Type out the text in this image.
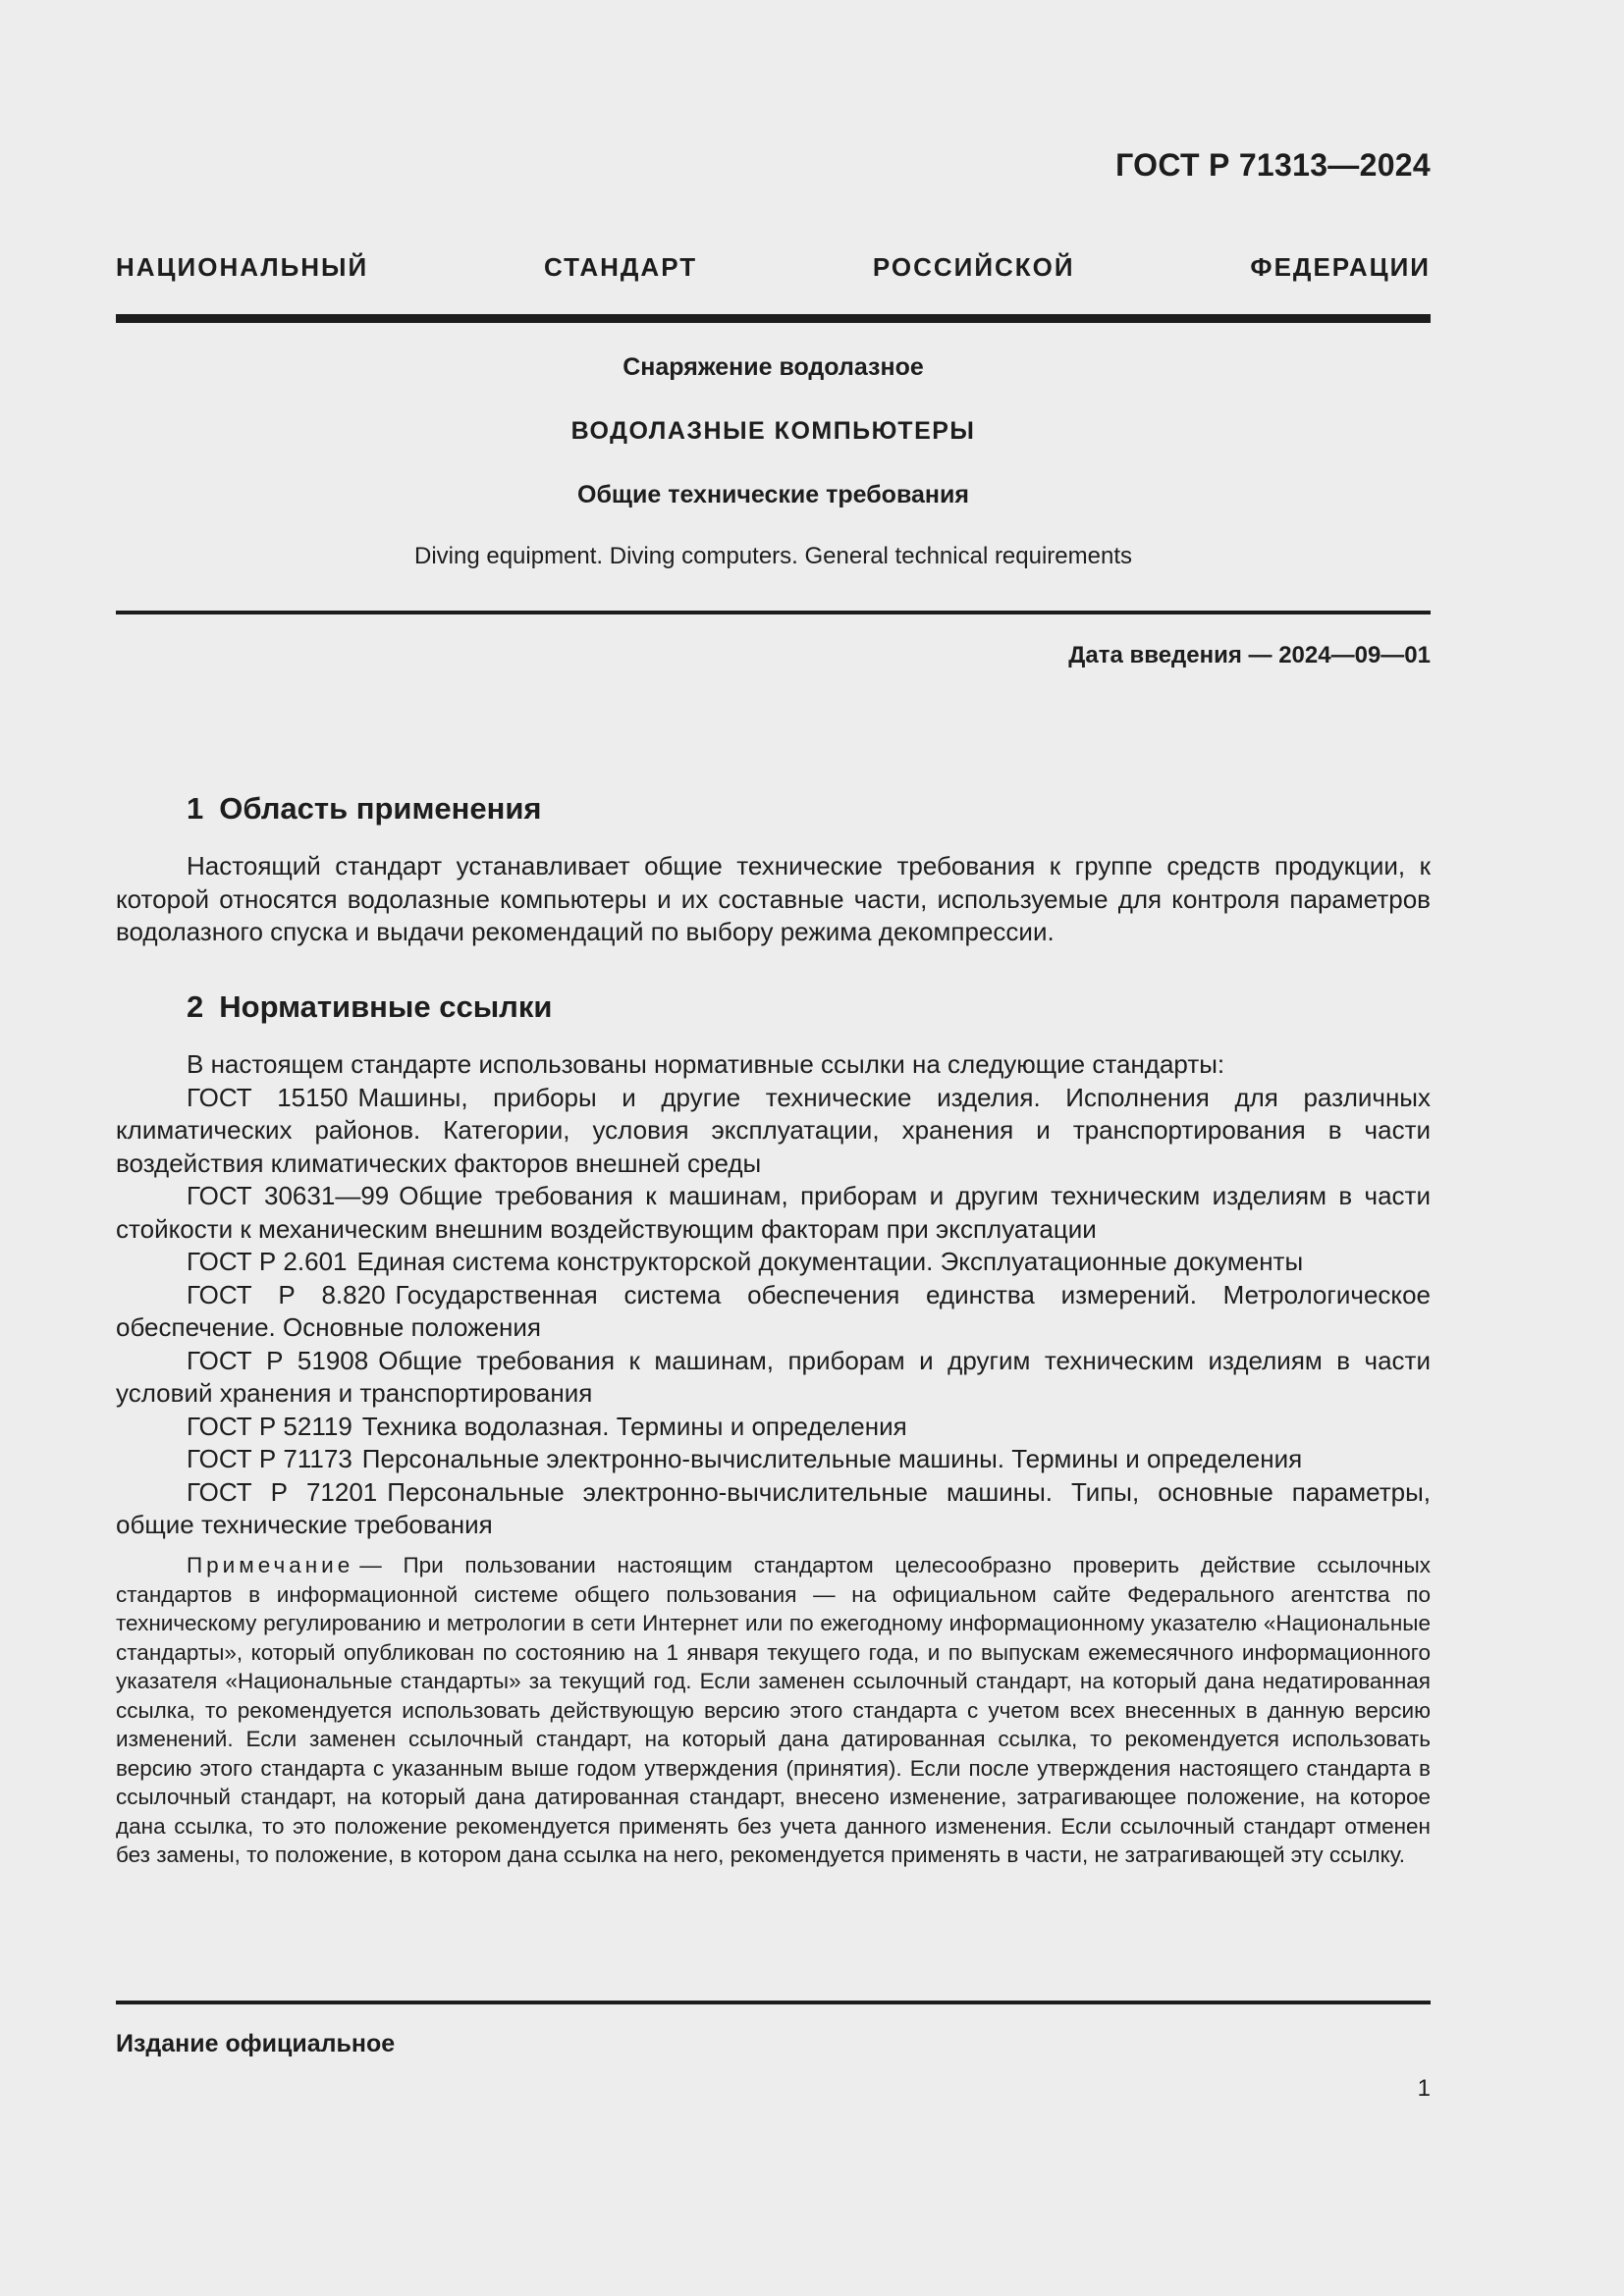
ГОСТ Р 71313—2024
НАЦИОНАЛЬНЫЙ СТАНДАРТ РОССИЙСКОЙ ФЕДЕРАЦИИ
Снаряжение водолазное
ВОДОЛАЗНЫЕ КОМПЬЮТЕРЫ
Общие технические требования
Diving equipment. Diving computers. General technical requirements
Дата введения — 2024—09—01
1 Область применения

Настоящий стандарт устанавливает общие технические требования к группе средств продукции, к которой относятся водолазные компьютеры и их составные части, используемые для контроля параметров водолазного спуска и выдачи рекомендаций по выбору режима декомпрессии.

2 Нормативные ссылки

В настоящем стандарте использованы нормативные ссылки на следующие стандарты:

ГОСТ 15150 Машины, приборы и другие технические изделия. Исполнения для различных климатических районов. Категории, условия эксплуатации, хранения и транспортирования в части воздействия климатических факторов внешней среды

ГОСТ 30631—99 Общие требования к машинам, приборам и другим техническим изделиям в части стойкости к механическим внешним воздействующим факторам при эксплуатации

ГОСТ Р 2.601 Единая система конструкторской документации. Эксплуатационные документы

ГОСТ Р 8.820 Государственная система обеспечения единства измерений. Метрологическое обеспечение. Основные положения

ГОСТ Р 51908 Общие требования к машинам, приборам и другим техническим изделиям в части условий хранения и транспортирования

ГОСТ Р 52119 Техника водолазная. Термины и определения

ГОСТ Р 71173 Персональные электронно-вычислительные машины. Термины и определения

ГОСТ Р 71201 Персональные электронно-вычислительные машины. Типы, основные параметры, общие технические требования

Примечание — При пользовании настоящим стандартом целесообразно проверить действие ссылочных стандартов в информационной системе общего пользования — на официальном сайте Федерального агентства по техническому регулированию и метрологии в сети Интернет или по ежегодному информационному указателю «Национальные стандарты», который опубликован по состоянию на 1 января текущего года, и по выпускам ежемесячного информационного указателя «Национальные стандарты» за текущий год. Если заменен ссылочный стандарт, на который дана недатированная ссылка, то рекомендуется использовать действующую версию этого стандарта с учетом всех внесенных в данную версию изменений. Если заменен ссылочный стандарт, на который дана датированная ссылка, то рекомендуется использовать версию этого стандарта с указанным выше годом утверждения (принятия). Если после утверждения настоящего стандарта в ссылочный стандарт, на который дана датированная стандарт, внесено изменение, затрагивающее положение, на которое дана ссылка, то это положение рекомендуется применять без учета данного изменения. Если ссылочный стандарт отменен без замены, то положение, в котором дана ссылка на него, рекомендуется применять в части, не затрагивающей эту ссылку.

Издание официальное
1
